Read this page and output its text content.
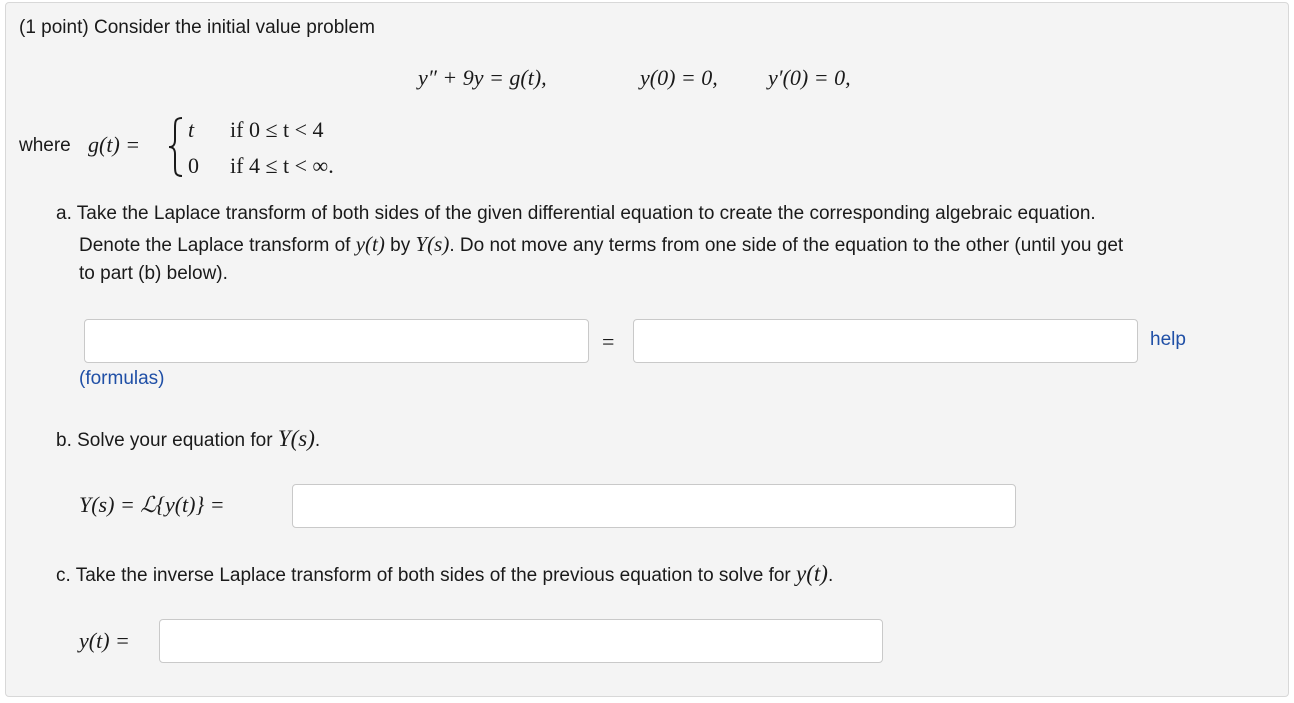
(1 point) Consider the initial value problem
y″ + 9y = g(t),	y(0) = 0, y′(0) = 0,
where g(t) =
t if 0 ≤ t < 4
0 if 4 ≤ t < ∞.
a. Take the Laplace transform of both sides of the given differential equation to create the corresponding algebraic equation.
Denote the Laplace transform of y(t) by Y(s). Do not move any terms from one side of the equation to the other (until you get
to part (b) below).
=	help
(formulas)
b. Solve your equation for Y(s).
Y(s) = ℒ{y(t)} =
c. Take the inverse Laplace transform of both sides of the previous equation to solve for y(t).
y(t) =
